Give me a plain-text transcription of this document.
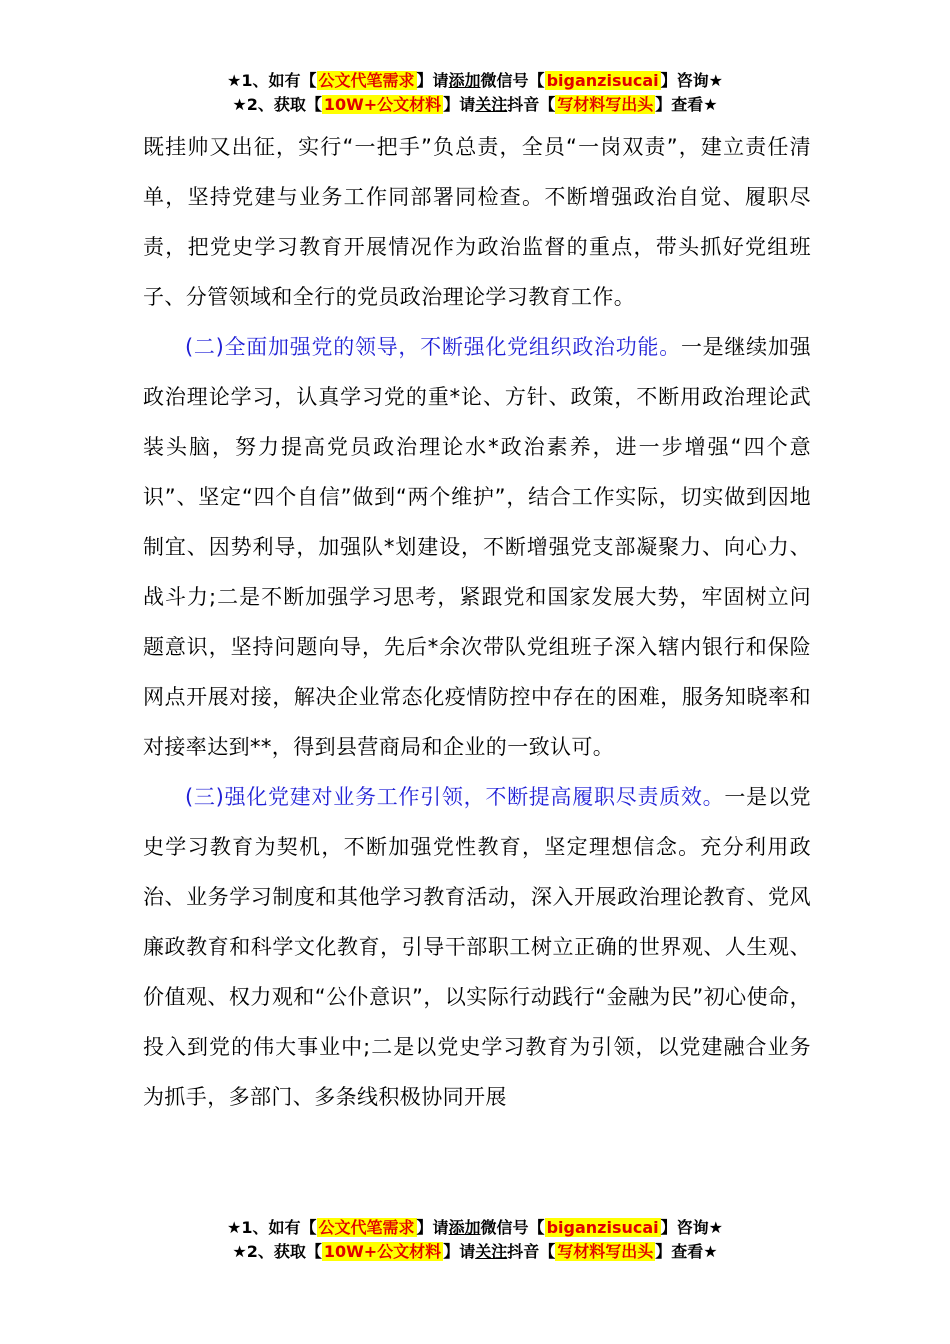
★1、如有【 公文代笔需求 】请添加微信号【 biganzisucai 】咨询★
★2、获取【 10W+公文材料 】请关注抖音【 写材料写出头 】查看★

既挂帅又出征，实行“一把手”负总责，全员“一岗双责”，建立责任清单，坚持党建与业务工作同部署同检查。不断增强政治自觉、履职尽责，把党史学习教育开展情况作为政治监督的重点，带头抓好党组班子、分管领域和全行的党员政治理论学习教育工作。

(二)全面加强党的领导，不断强化党组织政治功能。一是继续加强政治理论学习，认真学习党的重*论、方针、政策，不断用政治理论武装头脑，努力提高党员政治理论水*政治素养，进一步增强“四个意识”、坚定“四个自信”做到“两个维护”，结合工作实际，切实做到因地制宜、因势利导，加强队*划建设，不断增强党支部凝聚力、向心力、战斗力;二是不断加强学习思考，紧跟党和国家发展大势，牢固树立问题意识，坚持问题向导，先后*余次带队党组班子深入辖内银行和保险网点开展对接，解决企业常态化疫情防控中存在的困难，服务知晓率和对接率达到**，得到县营商局和企业的一致认可。

(三)强化党建对业务工作引领，不断提高履职尽责质效。一是以党史学习教育为契机，不断加强党性教育，坚定理想信念。充分利用政治、业务学习制度和其他学习教育活动，深入开展政治理论教育、党风廉政教育和科学文化教育，引导干部职工树立正确的世界观、人生观、价值观、权力观和“公仆意识”，以实际行动践行“金融为民”初心使命，投入到党的伟大事业中;二是以党史学习教育为引领，以党建融合业务为抓手，多部门、多条线积极协同开展

★1、如有【 公文代笔需求 】请添加微信号【 biganzisucai 】咨询★
★2、获取【 10W+公文材料 】请关注抖音【 写材料写出头 】查看★
